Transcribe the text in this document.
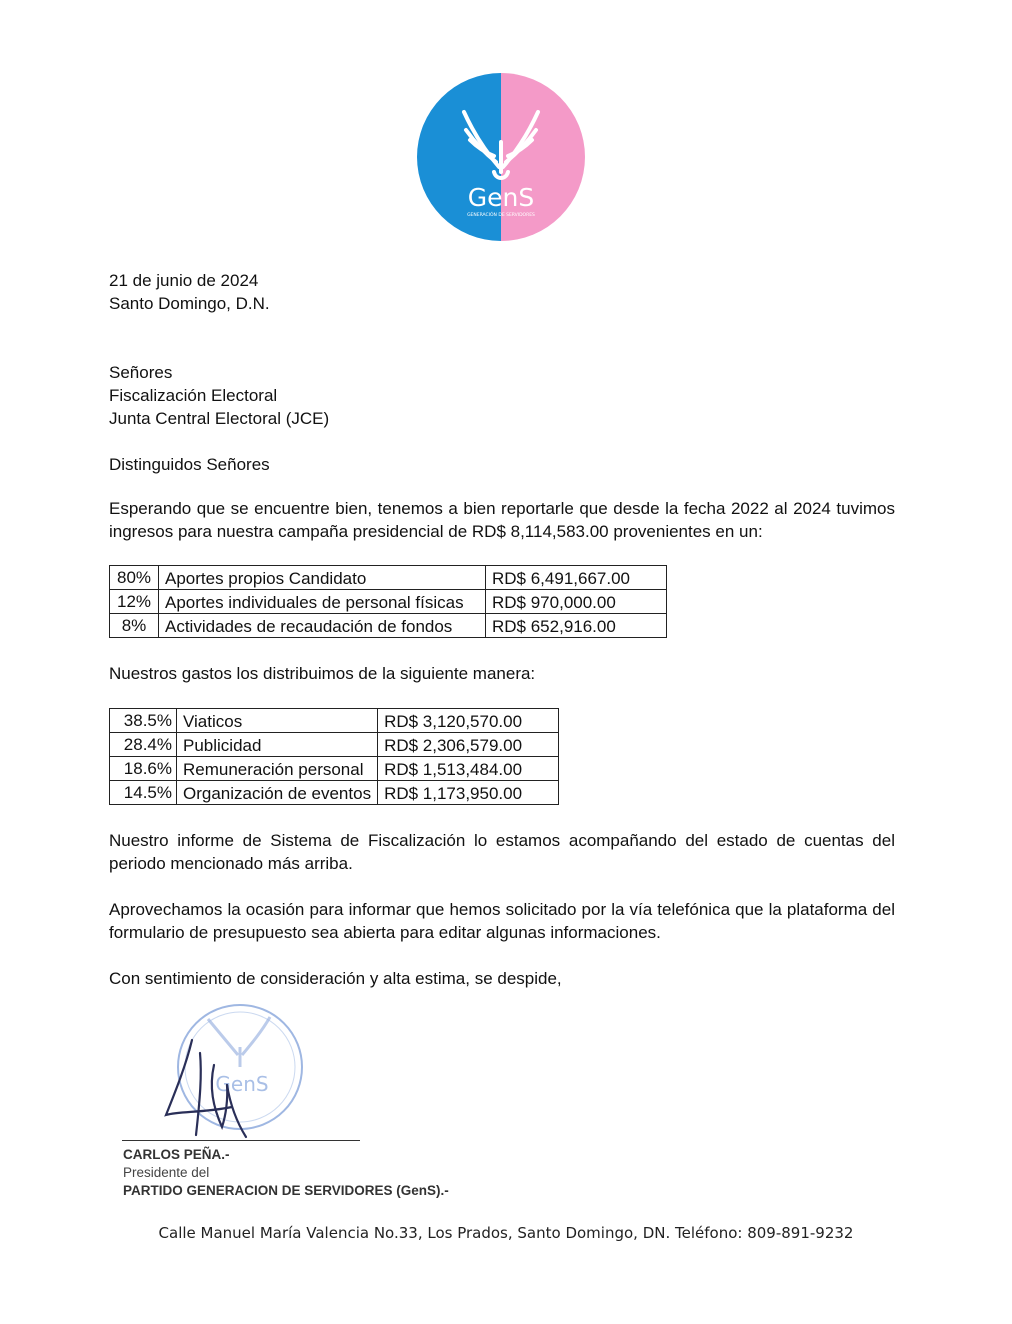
GenS
GENERACIÓN DE SERVIDORES
21 de junio de 2024
Santo Domingo, D.N.
Señores
Fiscalización Electoral
Junta Central Electoral (JCE)
Distinguidos Señores
Esperando que se encuentre bien, tenemos a bien reportarle que desde la fecha 2022 al 2024 tuvimos ingresos para nuestra campaña presidencial de RD$ 8,114,583.00 provenientes en un:
80%	Aportes propios Candidato	RD$ 6,491,667.00
12%	Aportes individuales de personal físicas	RD$ 970,000.00
8%	Actividades de recaudación de fondos	RD$ 652,916.00
Nuestros gastos los distribuimos de la siguiente manera:
38.5%	Viaticos	RD$ 3,120,570.00
28.4%	Publicidad	RD$ 2,306,579.00
18.6%	Remuneración personal	RD$ 1,513,484.00
14.5%	Organización de eventos	RD$ 1,173,950.00
Nuestro informe de Sistema de Fiscalización lo estamos acompañando del estado de cuentas del periodo mencionado más arriba.
Aprovechamos la ocasión para informar que hemos solicitado por la vía telefónica que la plataforma del formulario de presupuesto sea abierta para editar algunas informaciones.
Con sentimiento de consideración y alta estima, se despide,
GenS
CARLOS PEÑA.-
Presidente del
PARTIDO GENERACION DE SERVIDORES (GenS).-
Calle Manuel María Valencia No.33, Los Prados, Santo Domingo, DN. Teléfono: 809-891-9232
